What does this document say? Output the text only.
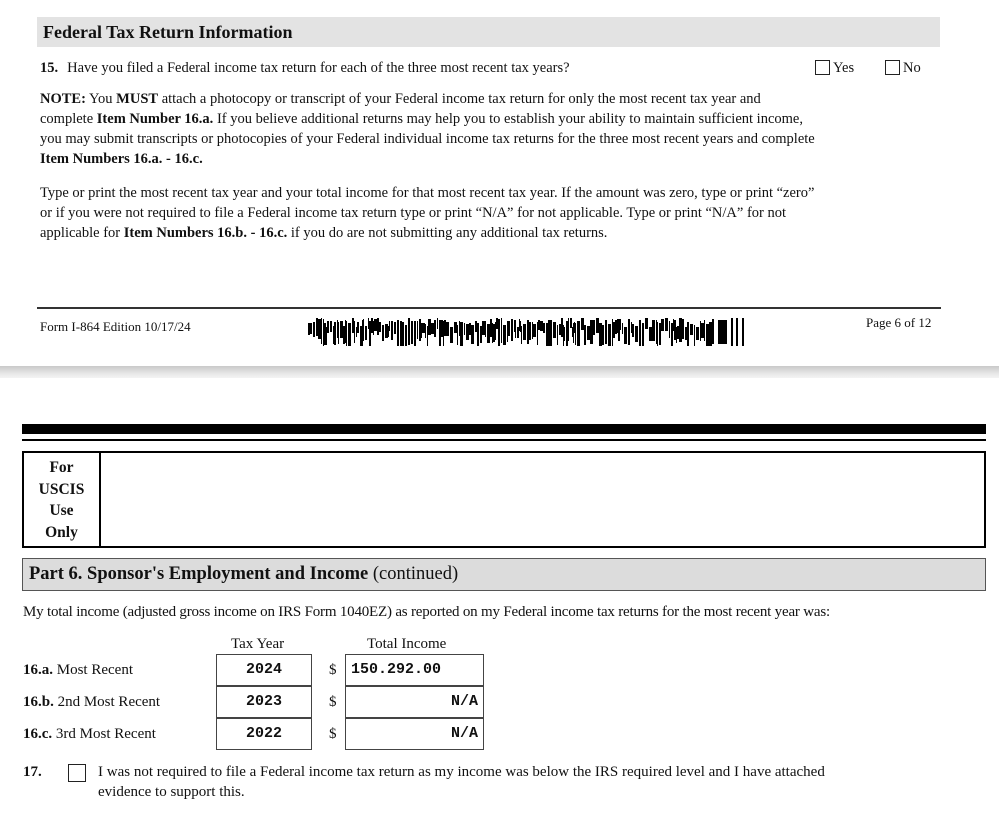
Federal Tax Return Information
15. Have you filed a Federal income tax return for each of the three most recent tax years?	Yes	No
NOTE: You MUST attach a photocopy or transcript of your Federal income tax return for only the most recent tax year and
complete Item Number 16.a. If you believe additional returns may help you to establish your ability to maintain sufficient income,
you may submit transcripts or photocopies of your Federal individual income tax returns for the three most recent years and complete
Item Numbers 16.a. - 16.c.
Type or print the most recent tax year and your total income for that most recent tax year. If the amount was zero, type or print “zero”
or if you were not required to file a Federal income tax return type or print “N/A” for not applicable. Type or print “N/A” for not
applicable for Item Numbers 16.b. - 16.c. if you do are not submitting any additional tax returns.
Form I-864 Edition 10/17/24	Page 6 of 12
For
USCIS
Use
Only
Part 6. Sponsor's Employment and Income (continued)
My total income (adjusted gross income on IRS Form 1040EZ) as reported on my Federal income tax returns for the most recent year was:
Tax Year	Total Income
16.a. Most Recent	2024	$ 150.292.00
16.b. 2nd Most Recent	2023	$	N/A
16.c. 3rd Most Recent	2022	$	N/A
17.	I was not required to file a Federal income tax return as my income was below the IRS required level and I have attached
evidence to support this.
